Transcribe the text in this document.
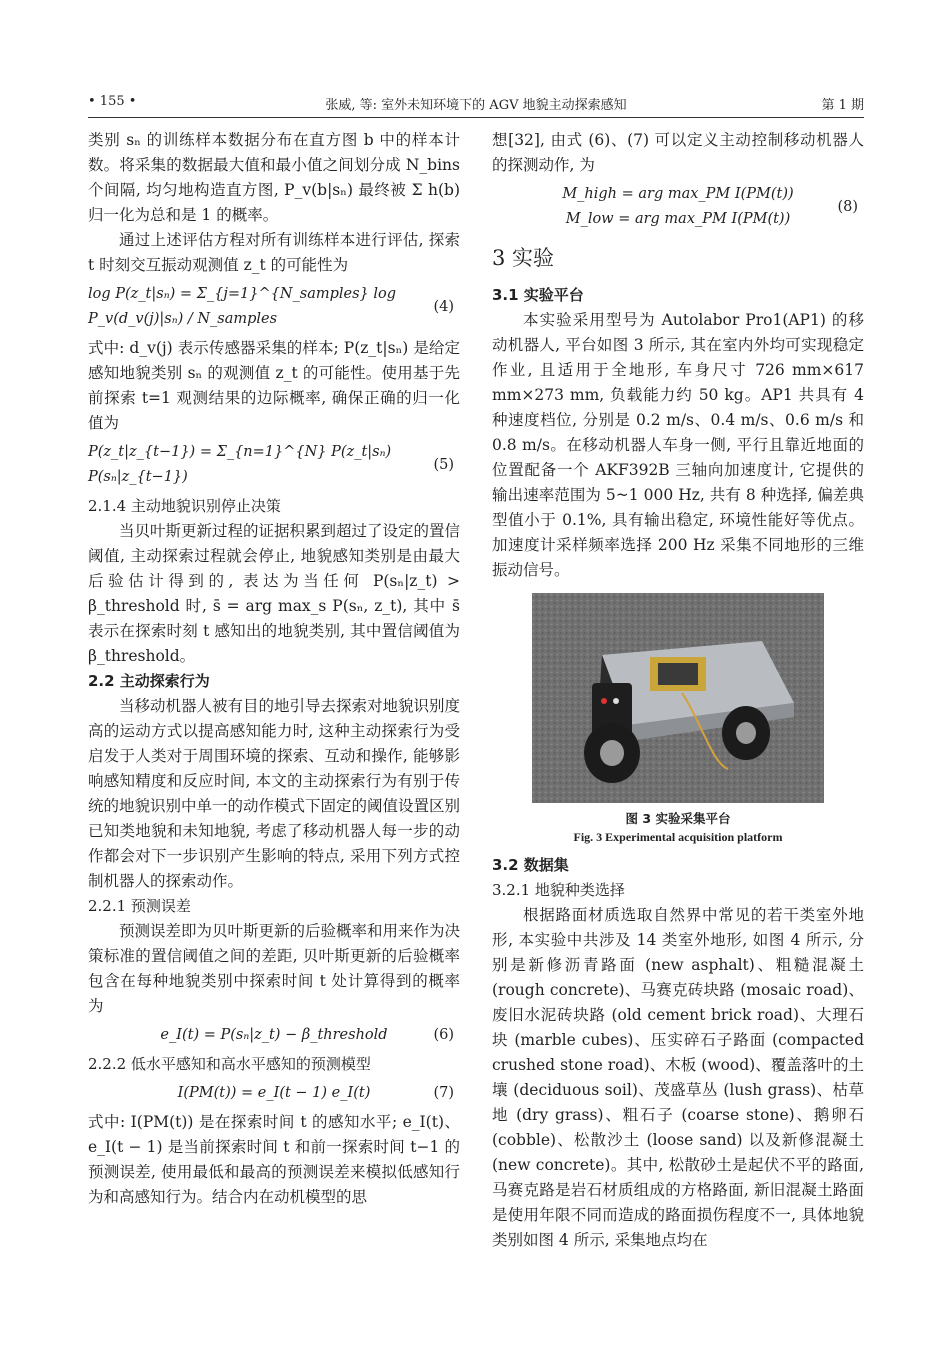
• 155 •	张威, 等: 室外未知环境下的 AGV 地貌主动探索感知	第 1 期

类别 sₙ 的训练样本数据分布在直方图 b 中的样本计数。将采集的数据最大值和最小值之间划分成 N_bins 个间隔, 均匀地构造直方图, P_v(b|sₙ) 最终被 Σ h(b) 归一化为总和是 1 的概率。

通过上述评估方程对所有训练样本进行评估, 探索 t 时刻交互振动观测值 z_t 的可能性为

log P(z_t|sₙ) = Σ_{j=1}^{N_samples} log P_v(d_v(j)|sₙ) / N_samples
(4)

式中: d_v(j) 表示传感器采集的样本; P(z_t|sₙ) 是给定感知地貌类别 sₙ 的观测值 z_t 的可能性。使用基于先前探索 t=1 观测结果的边际概率, 确保正确的归一化值为

P(z_t|z_{t−1}) = Σ_{n=1}^{N} P(z_t|sₙ) P(sₙ|z_{t−1})
(5)

2.1.4 主动地貌识别停止决策

当贝叶斯更新过程的证据积累到超过了设定的置信阈值, 主动探索过程就会停止, 地貌感知类别是由最大后验估计得到的, 表达为当任何 P(sₙ|z_t) > β_threshold 时, s̄ = arg max_s P(sₙ, z_t), 其中 s̄ 表示在探索时刻 t 感知出的地貌类别, 其中置信阈值为 β_threshold。

2.2 主动探索行为

当移动机器人被有目的地引导去探索对地貌识别度高的运动方式以提高感知能力时, 这种主动探索行为受启发于人类对于周围环境的探索、互动和操作, 能够影响感知精度和反应时间, 本文的主动探索行为有别于传统的地貌识别中单一的动作模式下固定的阈值设置区别已知类地貌和未知地貌, 考虑了移动机器人每一步的动作都会对下一步识别产生影响的特点, 采用下列方式控制机器人的探索动作。

2.2.1 预测误差

预测误差即为贝叶斯更新的后验概率和用来作为决策标准的置信阈值之间的差距, 贝叶斯更新的后验概率包含在每种地貌类别中探索时间 t 处计算得到的概率为

e_I(t) = P(sₙ|z_t) − β_threshold	(6)

2.2.2 低水平感知和高水平感知的预测模型

I(PM(t)) = e_I(t − 1) e_I(t)	(7)

式中: I(PM(t)) 是在探索时间 t 的感知水平; e_I(t)、e_I(t − 1) 是当前探索时间 t 和前一探索时间 t−1 的预测误差, 使用最低和最高的预测误差来模拟低感知行为和高感知行为。结合内在动机模型的思

想[32], 由式 (6)、(7) 可以定义主动控制移动机器人的探测动作, 为

M_high = arg max_PM I(PM(t))
M_low = arg max_PM I(PM(t))
(8)

3 实验

3.1 实验平台

本实验采用型号为 Autolabor Pro1(AP1) 的移动机器人, 平台如图 3 所示, 其在室内外均可实现稳定作业, 且适用于全地形, 车身尺寸 726 mm×617 mm×273 mm, 负载能力约 50 kg。AP1 共具有 4 种速度档位, 分别是 0.2 m/s、0.4 m/s、0.6 m/s 和 0.8 m/s。在移动机器人车身一侧, 平行且靠近地面的位置配备一个 AKF392B 三轴向加速度计, 它提供的输出速率范围为 5~1 000 Hz, 共有 8 种选择, 偏差典型值小于 0.1%, 具有输出稳定, 环境性能好等优点。加速度计采样频率选择 200 Hz 采集不同地形的三维振动信号。

图 3 实验采集平台
Fig. 3 Experimental acquisition platform

3.2 数据集

3.2.1 地貌种类选择

根据路面材质选取自然界中常见的若干类室外地形, 本实验中共涉及 14 类室外地形, 如图 4 所示, 分别是新修沥青路面 (new asphalt)、粗糙混凝土 (rough concrete)、马赛克砖块路 (mosaic road)、废旧水泥砖块路 (old cement brick road)、大理石块 (marble cubes)、压实碎石子路面 (compacted crushed stone road)、木板 (wood)、覆盖落叶的土壤 (deciduous soil)、茂盛草丛 (lush grass)、枯草地 (dry grass)、粗石子 (coarse stone)、鹅卵石 (cobble)、松散沙土 (loose sand) 以及新修混凝土 (new concrete)。其中, 松散砂土是起伏不平的路面, 马赛克路是岩石材质组成的方格路面, 新旧混凝土路面是使用年限不同而造成的路面损伤程度不一, 具体地貌类别如图 4 所示, 采集地点均在
